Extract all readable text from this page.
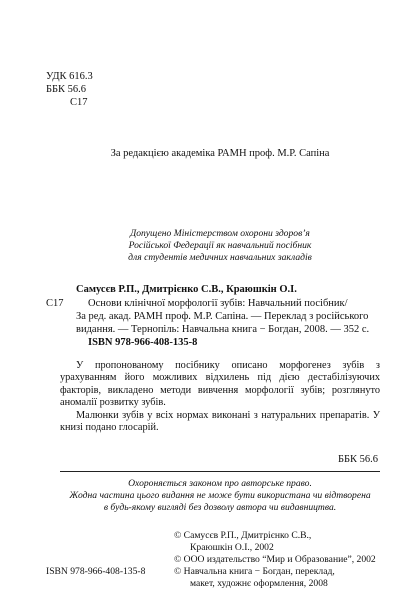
УДК 616.3
ББК 56.6
С17
За редакцією академіка РАМН проф. М.Р. Сапіна
Допущено Міністерством охорони здоров’я
Російської Федерації як навчальний посібник
для студентів медичних навчальних закладів
Самусєв Р.П., Дмитрієнко С.В., Краюшкін О.І.
С17 Основи клінічної морфології зубів: Навчальний посібник/
За ред. акад. РАМН проф. М.Р. Сапіна. — Переклад з російського
видання. — Тернопіль: Навчальна книга − Богдан, 2008. — 352 с.
ISBN 978-966-408-135-8
У пропонованому посібнику описано морфогенез зубів з урахуванням його можливих відхилень під дією дестабілізуючих факторів, викладено методи вивчення морфології зубів; розглянуто аномалії розвитку зубів.
Малюнки зубів у всіх нормах виконані з натуральних препаратів. У книзі подано глосарій.
ББК 56.6
Охороняється законом про авторське право.
Жодна частина цього видання не може бути використана чи відтворена
в будь-якому вигляді без дозволу автора чи видавництва.
© Самусєв Р.П., Дмитрієнко С.В.,
Краюшкін О.І., 2002
© ООО издательство “Мир и Образование”, 2002
© Навчальна книга − Богдан, переклад,
макет, художнє оформлення, 2008
ISBN 978-966-408-135-8
